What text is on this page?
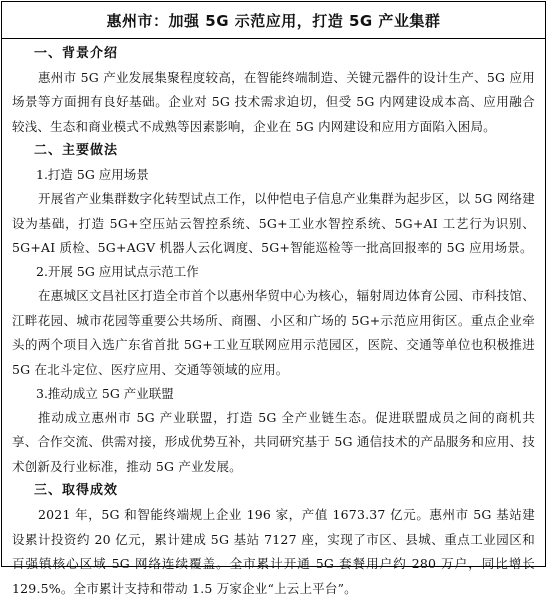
惠州市：加强 5G 示范应用，打造 5G 产业集群
一、背景介绍

惠州市 5G 产业发展集聚程度较高，在智能终端制造、关键元器件的设计生产、5G 应用场景等方面拥有良好基础。企业对 5G 技术需求迫切，但受 5G 内网建设成本高、应用融合较浅、生态和商业模式不成熟等因素影响，企业在 5G 内网建设和应用方面陷入困局。

二、主要做法
1.打造 5G 应用场景

开展省产业集群数字化转型试点工作，以仲恺电子信息产业集群为起步区，以 5G 网络建设为基础，打造 5G+空压站云智控系统、5G+工业水智控系统、5G+AI 工艺行为识别、5G+AI 质检、5G+AGV 机器人云化调度、5G+智能巡检等一批高回报率的 5G 应用场景。

2.开展 5G 应用试点示范工作

在惠城区文昌社区打造全市首个以惠州华贸中心为核心，辐射周边体育公园、市科技馆、江畔花园、城市花园等重要公共场所、商圈、小区和广场的 5G+示范应用街区。重点企业牵头的两个项目入选广东省首批 5G+工业互联网应用示范园区，医院、交通等单位也积极推进 5G 在北斗定位、医疗应用、交通等领域的应用。

3.推动成立 5G 产业联盟

推动成立惠州市 5G 产业联盟，打造 5G 全产业链生态。促进联盟成员之间的商机共享、合作交流、供需对接，形成优势互补，共同研究基于 5G 通信技术的产品服务和应用、技术创新及行业标准，推动 5G 产业发展。

三、取得成效

2021 年，5G 和智能终端规上企业 196 家，产值 1673.37 亿元。惠州市 5G 基站建设累计投资约 20 亿元，累计建成 5G 基站 7127 座，实现了市区、县城、重点工业园区和百强镇核心区域 5G 网络连续覆盖。全市累计开通 5G 套餐用户约 280 万户，同比增长 129.5%。全市累计支持和带动 1.5 万家企业“上云上平台”。
